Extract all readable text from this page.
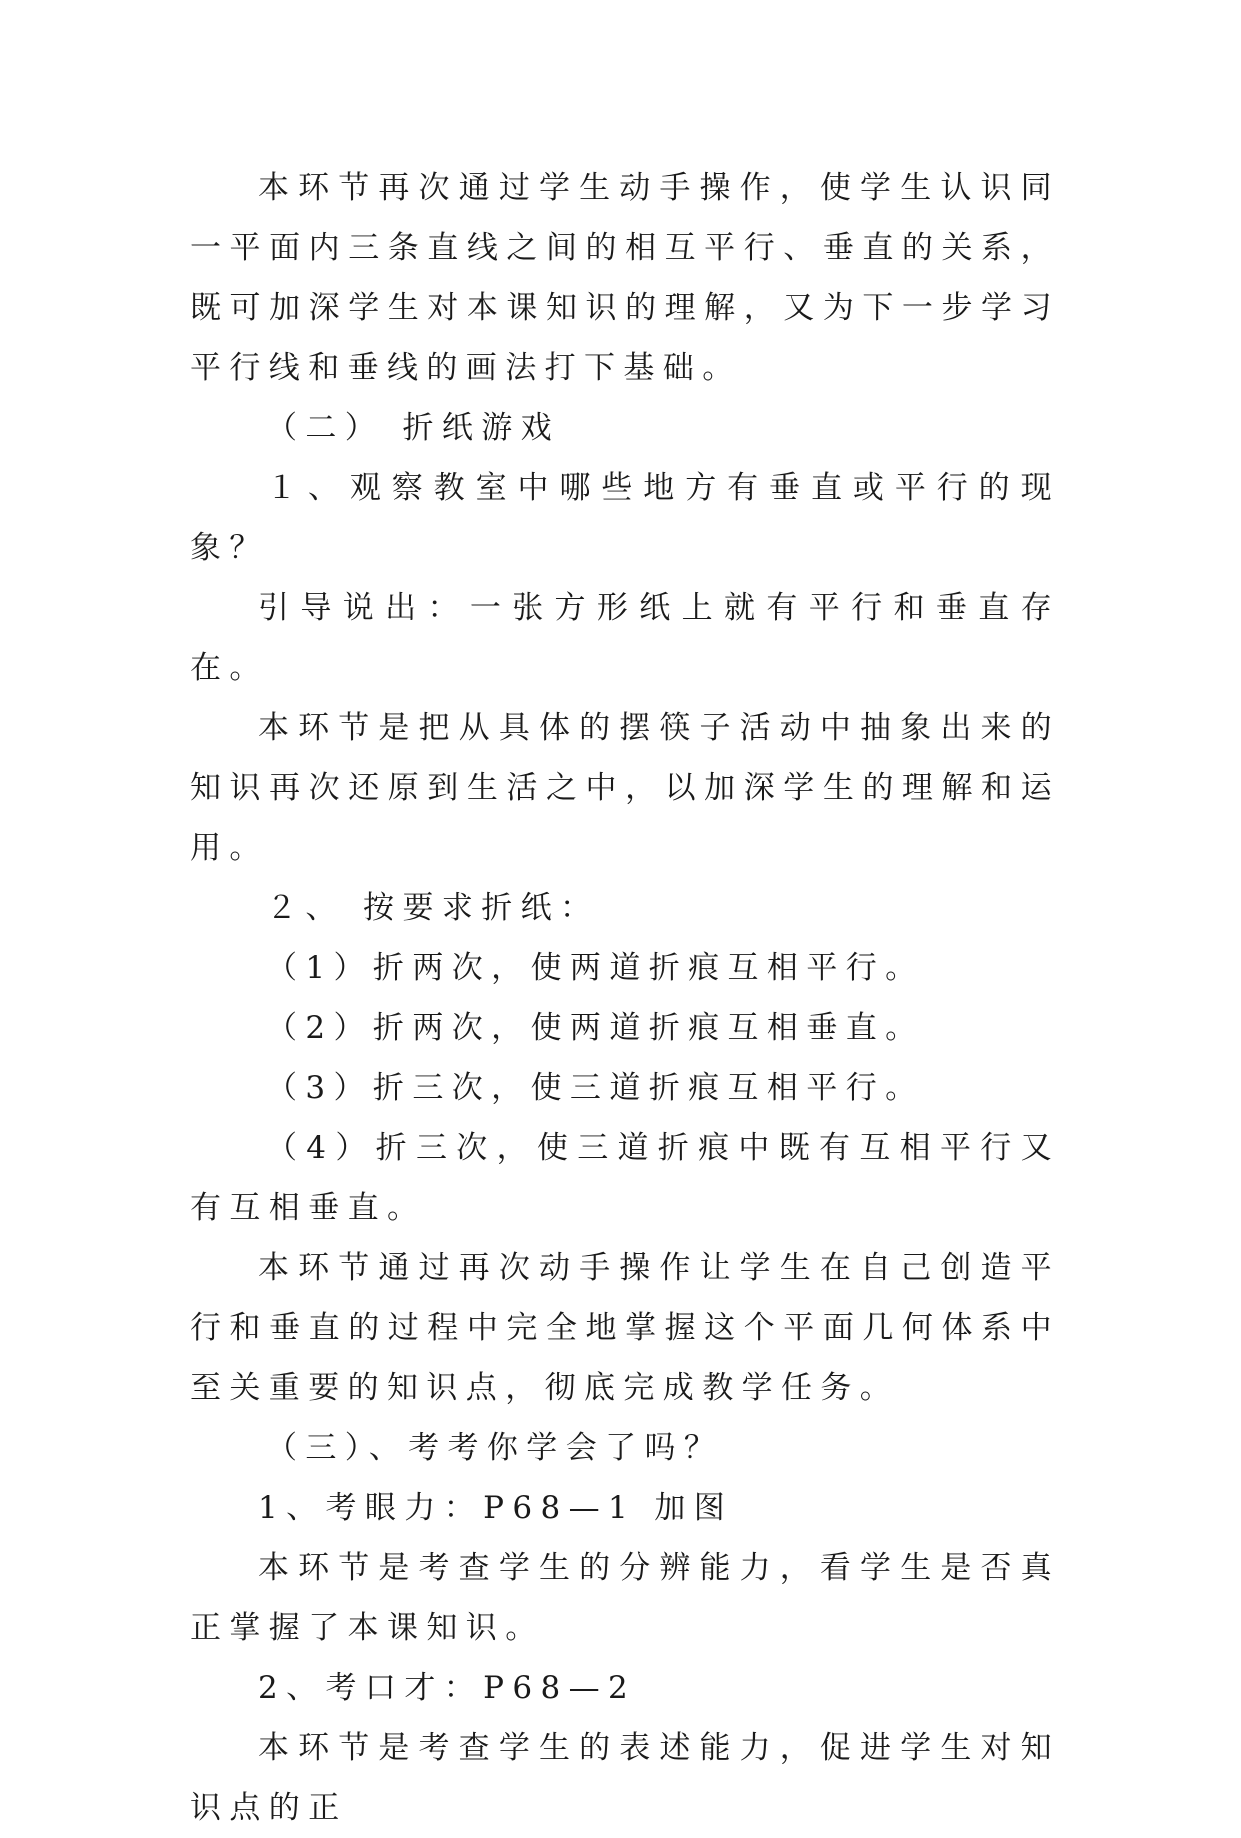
本环节再次通过学生动手操作，使学生认识同一平面内三条直线之间的相互平行、垂直的关系，既可加深学生对本课知识的理解，又为下一步学习平行线和垂线的画法打下基础。

（二） 折纸游戏

１、观察教室中哪些地方有垂直或平行的现象？

引导说出：一张方形纸上就有平行和垂直存在。

本环节是把从具体的摆筷子活动中抽象出来的知识再次还原到生活之中，以加深学生的理解和运用。

２、 按要求折纸：

（1）折两次，使两道折痕互相平行。

（2）折两次，使两道折痕互相垂直。

（3）折三次，使三道折痕互相平行。

（4）折三次，使三道折痕中既有互相平行又有互相垂直。

本环节通过再次动手操作让学生在自己创造平行和垂直的过程中完全地掌握这个平面几何体系中至关重要的知识点，彻底完成教学任务。

（三）、考考你学会了吗？

1、考眼力：P68—1 加图

本环节是考查学生的分辨能力，看学生是否真正掌握了本课知识。

2、考口才：P68—2

本环节是考查学生的表述能力，促进学生对知识点的正
